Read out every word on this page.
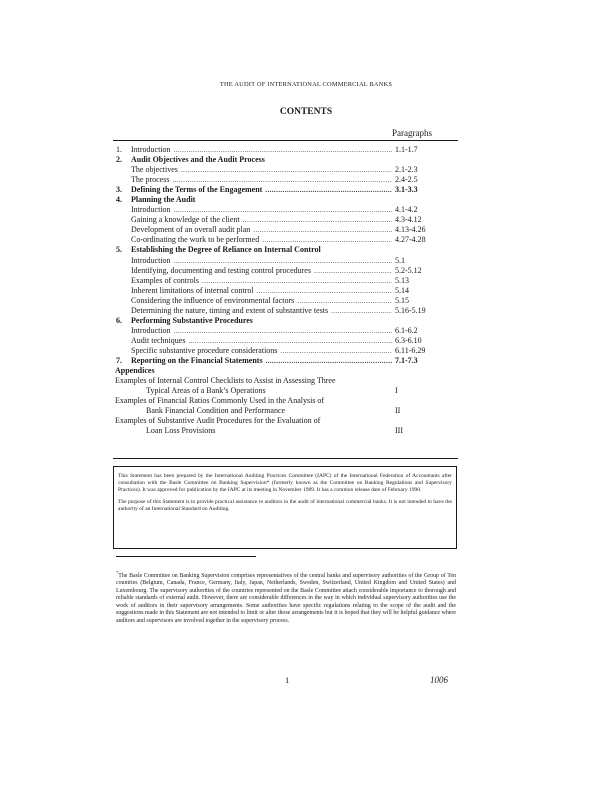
THE AUDIT OF INTERNATIONAL COMMERCIAL BANKS
CONTENTS
Paragraphs
1.	Introduction .....	1.1-1.7
2.	Audit Objectives and the Audit Process
The objectives .....	2.1-2.3
The process .....	2.4-2.5
3.	Defining the Terms of the Engagement .....	3.1-3.3
4.	Planning the Audit
Introduction .....	4.1-4.2
Gaining a knowledge of the client .....	4.3-4.12
Development of an overall audit plan .....	4.13-4.26
Co-ordinating the work to be performed .....	4.27-4.28
5.	Establishing the Degree of Reliance on Internal Control
Introduction .....	5.1
Identifying, documenting and testing control procedures .....	5.2-5.12
Examples of controls .....	5.13
Inherent limitations of internal control .....	5.14
Considering the influence of environmental factors .....	5.15
Determining the nature, timing and extent of substantive tests .....	5.16-5.19
6.	Performing Substantive Procedures
Introduction .....	6.1-6.2
Audit techniques .....	6.3-6.10
Specific substantive procedure considerations .....	6.11-6.29
7.	Reporting on the Financial Statements .....	7.1-7.3
Appendices
Examples of Internal Control Checklists to Assist in Assessing Three
Typical Areas of a Bank’s Operations	I
Examples of Financial Ratios Commonly Used in the Analysis of
Bank Financial Condition and Performance	II
Examples of Substantive Audit Procedures for the Evaluation of
Loan Loss Provisions	III

This Statement has been prepared by the International Auditing Practices Committee (IAPC) of the International Federation of Accountants after consultation with the Basle Committee on Banking Supervision* (formerly known as the Committee on Banking Regulations and Supervisory Practices). It was approved for publication by the IAPC at its meeting in November 1989. It has a common release date of February 1990.

The purpose of this Statement is to provide practical assistance to auditors in the audit of international commercial banks. It is not intended to have the authority of an International Standard on Auditing.

*The Basle Committee on Banking Supervision comprises representatives of the central banks and supervisory authorities of the Group of Ten countries (Belgium, Canada, France, Germany, Italy, Japan, Netherlands, Sweden, Switzerland, United Kingdom and United States) and Luxembourg. The supervisory authorities of the countries represented on the Basle Committee attach considerable importance to thorough and reliable standards of external audit. However, there are considerable differences in the way in which individual supervisory authorities use the work of auditors in their supervisory arrangements. Some authorities have specific regulations relating to the scope of the audit and the suggestions made in this Statement are not intended to limit or alter those arrangements but it is hoped that they will be helpful guidance where auditors and supervisors are involved together in the supervisory process.
1	1006
